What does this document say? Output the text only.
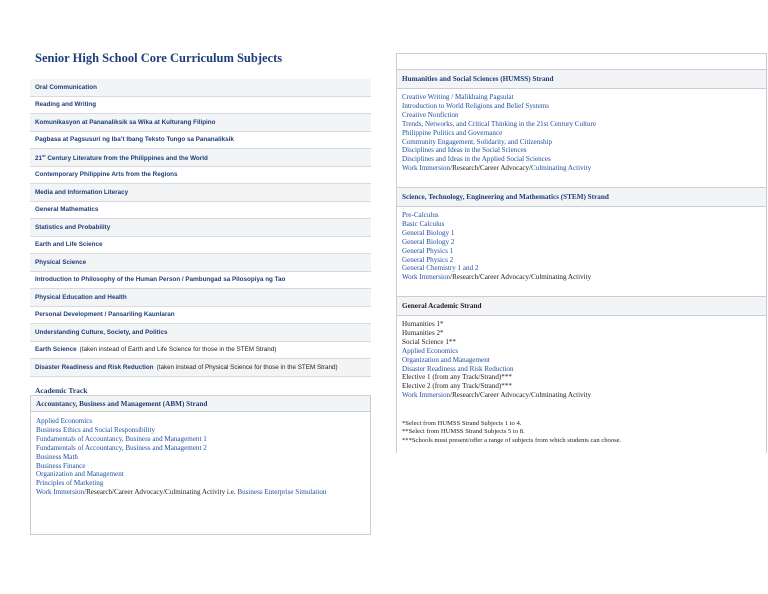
Senior High School Core Curriculum Subjects
Oral Communication
Reading and Writing
Komunikasyon at Pananaliksik sa Wika at Kulturang Filipino
Pagbasa at Pagsusuri ng Iba’t Ibang Teksto Tungo sa Pananaliksik
21st Century Literature from the Philippines and the World
Contemporary Philippine Arts from the Regions
Media and Information Literacy
General Mathematics
Statistics and Probability
Earth and Life Science
Physical Science
Introduction to Philosophy of the Human Person / Pambungad sa Pilosopiya ng Tao
Physical Education and Health
Personal Development / Pansariling Kaunlaran
Understanding Culture, Society, and Politics
Earth Science (taken instead of Earth and Life Science for those in the STEM Strand)
Disaster Readiness and Risk Reduction (taken instead of Physical Science for those in the STEM Strand)
Academic Track
Accountancy, Business and Management (ABM) Strand
Applied Economics
Business Ethics and Social Responsibility
Fundamentals of Accountancy, Business and Management 1
Fundamentals of Accountancy, Business and Management 2
Business Math
Business Finance
Organization and Management
Principles of Marketing
Work Immersion/Research/Career Advocacy/Culminating Activity i.e. Business Enterprise Simulation
Humanities and Social Sciences (HUMSS) Strand
Creative Writing / Malikhaing Pagsulat
Introduction to World Religions and Belief Systems
Creative Nonfiction
Trends, Networks, and Critical Thinking in the 21st Century Culture
Philippine Politics and Governance
Community Engagement, Solidarity, and Citizenship
Disciplines and Ideas in the Social Sciences
Disciplines and Ideas in the Applied Social Sciences
Work Immersion/Research/Career Advocacy/Culminating Activity
Science, Technology, Engineering and Mathematics (STEM) Strand
Pre-Calculus
Basic Calculus
General Biology 1
General Biology 2
General Physics 1
General Physics 2
General Chemistry 1 and 2
Work Immersion/Research/Career Advocacy/Culminating Activity
General Academic Strand
Humanities 1*
Humanities 2*
Social Science 1**
Applied Economics
Organization and Management
Disaster Readiness and Risk Reduction
Elective 1 (from any Track/Strand)***
Elective 2 (from any Track/Strand)***
Work Immersion/Research/Career Advocacy/Culminating Activity
*Select from HUMSS Strand Subjects 1 to 4.
**Select from HUMSS Strand Subjects 5 to 8.
***Schools must present/offer a range of subjects from which students can choose.
